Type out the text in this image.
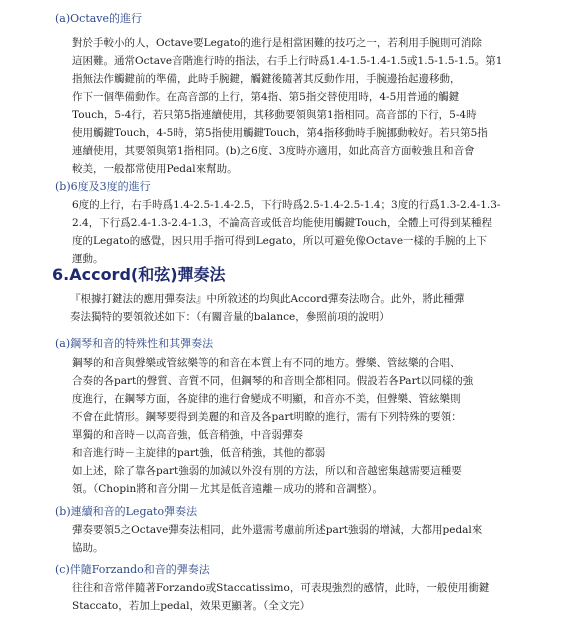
(a)Octave的進行
對於手較小的人，Octave要Legato的進行是相當困難的技巧之一，若利用手腕則可消除
這困難。通常Octave音階進行時的指法，右手上行時爲1.4-1.5-1.4-1.5或1.5-1.5-1.5。第1
指無法作觸鍵前的準備，此時手腕鍵，觸鍵後隨著其反動作用，手腕邊抬起邊移動，
作下一個準備動作。在高音部的上行，第4指、第5指交替使用時，4-5用普通的觸鍵
Touch，5-4行，若只第5指連續使用，其移動要領與第1指相同。高音部的下行，5-4時
使用觸鍵Touch，4-5時，第5指使用觸鍵Touch，第4指移動時手腕挪動較好。若只第5指
連續使用，其要領與第1指相同。(b)之6度、3度時亦適用，如此高音方面較強且和音會
較美，一般都常使用Pedal來幫助。
(b)6度及3度的進行
6度的上行，右手時爲1.4-2.5-1.4-2.5，下行時爲2.5-1.4-2.5-1.4；3度的行爲1.3-2.4-1.3-
2.4，下行爲2.4-1.3-2.4-1.3，不論高音或低音均能使用觸鍵Touch，全體上可得到某種程
度的Legato的感覺，因只用手指可得到Legato，所以可避免像Octave一樣的手腕的上下
運動。
6.Accord(和弦)彈奏法
『根據打鍵法的應用彈奏法』中所敘述的均與此Accord彈奏法吻合。此外，將此種彈
奏法獨特的要領敘述如下：（有關音量的balance，參照前項的說明）
(a)鋼琴和音的特殊性和其彈奏法
鋼琴的和音與聲樂或管絃樂等的和音在本質上有不同的地方。聲樂、管絃樂的合唱、
合奏的各part的聲質、音質不同，但鋼琴的和音則全都相同。假設若各Part以同樣的強
度進行，在鋼琴方面，各旋律的進行會變成不明顯，和音亦不美，但聲樂、管絃樂則
不會在此情形。鋼琴要得到美麗的和音及各part明瞭的進行，需有下列特殊的要領：
單獨的和音時－以高音強，低音稍強，中音弱彈奏
和音進行時－主旋律的part強，低音稍強，其他的都弱
如上述，除了靠各part強弱的加減以外沒有別的方法，所以和音越密集越需要這種要
領。（Chopin將和音分開－尤其是低音遠離－成功的將和音調整）。
(b)連續和音的Legato彈奏法
彈奏要領5之Octave彈奏法相同，此外還需考慮前所述part強弱的增減，大都用pedal來
協助。
(c)伴隨Forzando和音的彈奏法
往往和音常伴隨著Forzando或Staccatissimo，可表現強烈的感情，此時，一般使用衝鍵
Staccato，若加上pedal，效果更顯著。（全文完）
